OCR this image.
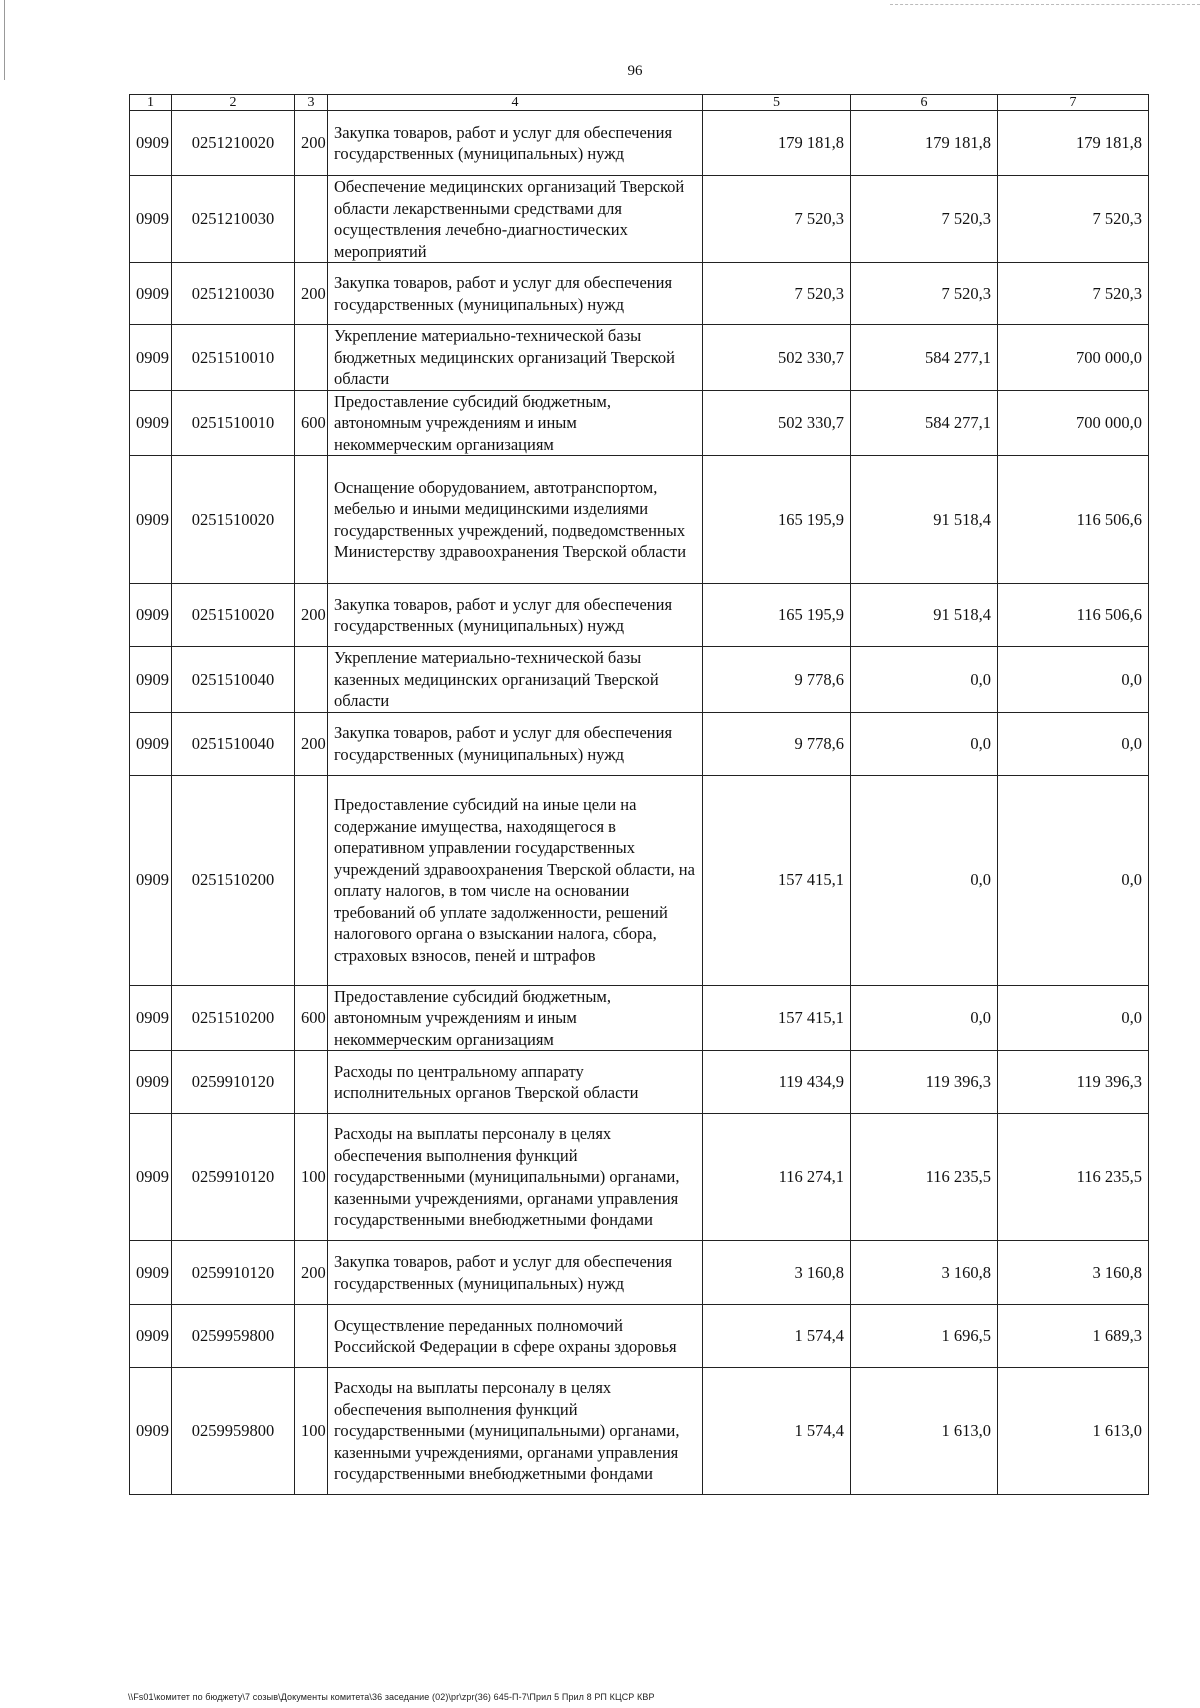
96
1	2	3	4	5	6	7
0909	0251210020	200	Закупка товаров, работ и услуг для обеспечения государственных (муниципальных) нужд	179 181,8	179 181,8	179 181,8
0909	0251210030		Обеспечение медицинских организаций Тверской области лекарственными средствами для осуществления лечебно-диагностических мероприятий	7 520,3	7 520,3	7 520,3
0909	0251210030	200	Закупка товаров, работ и услуг для обеспечения государственных (муниципальных) нужд	7 520,3	7 520,3	7 520,3
0909	0251510010		Укрепление материально-технической базы бюджетных медицинских организаций Тверской области	502 330,7	584 277,1	700 000,0
0909	0251510010	600	Предоставление субсидий бюджетным, автономным учреждениям и иным некоммерческим организациям	502 330,7	584 277,1	700 000,0
0909	0251510020		Оснащение оборудованием, автотранспортом, мебелью и иными медицинскими изделиями государственных учреждений, подведомственных Министерству здравоохранения Тверской области	165 195,9	91 518,4	116 506,6
0909	0251510020	200	Закупка товаров, работ и услуг для обеспечения государственных (муниципальных) нужд	165 195,9	91 518,4	116 506,6
0909	0251510040		Укрепление материально-технической базы казенных медицинских организаций Тверской области	9 778,6	0,0	0,0
0909	0251510040	200	Закупка товаров, работ и услуг для обеспечения государственных (муниципальных) нужд	9 778,6	0,0	0,0
0909	0251510200		Предоставление субсидий на иные цели на содержание имущества, находящегося в оперативном управлении государственных учреждений здравоохранения Тверской области, на оплату налогов, в том числе на основании требований об уплате задолженности, решений налогового органа о взыскании налога, сбора, страховых взносов, пеней и штрафов	157 415,1	0,0	0,0
0909	0251510200	600	Предоставление субсидий бюджетным, автономным учреждениям и иным некоммерческим организациям	157 415,1	0,0	0,0
0909	0259910120		Расходы по центральному аппарату исполнительных органов Тверской области	119 434,9	119 396,3	119 396,3
0909	0259910120	100	Расходы на выплаты персоналу в целях обеспечения выполнения функций государственными (муниципальными) органами, казенными учреждениями, органами управления государственными внебюджетными фондами	116 274,1	116 235,5	116 235,5
0909	0259910120	200	Закупка товаров, работ и услуг для обеспечения государственных (муниципальных) нужд	3 160,8	3 160,8	3 160,8
0909	0259959800		Осуществление переданных полномочий Российской Федерации в сфере охраны здоровья	1 574,4	1 696,5	1 689,3
0909	0259959800	100	Расходы на выплаты персоналу в целях обеспечения выполнения функций государственными (муниципальными) органами, казенными учреждениями, органами управления государственными внебюджетными фондами	1 574,4	1 613,0	1 613,0
\\Fs01\комитет по бюджету\7 созыв\Документы комитета\36 заседание (02)\pr\zpr(36) 645-П-7\Прил 5 Прил 8 РП КЦСР КВР
